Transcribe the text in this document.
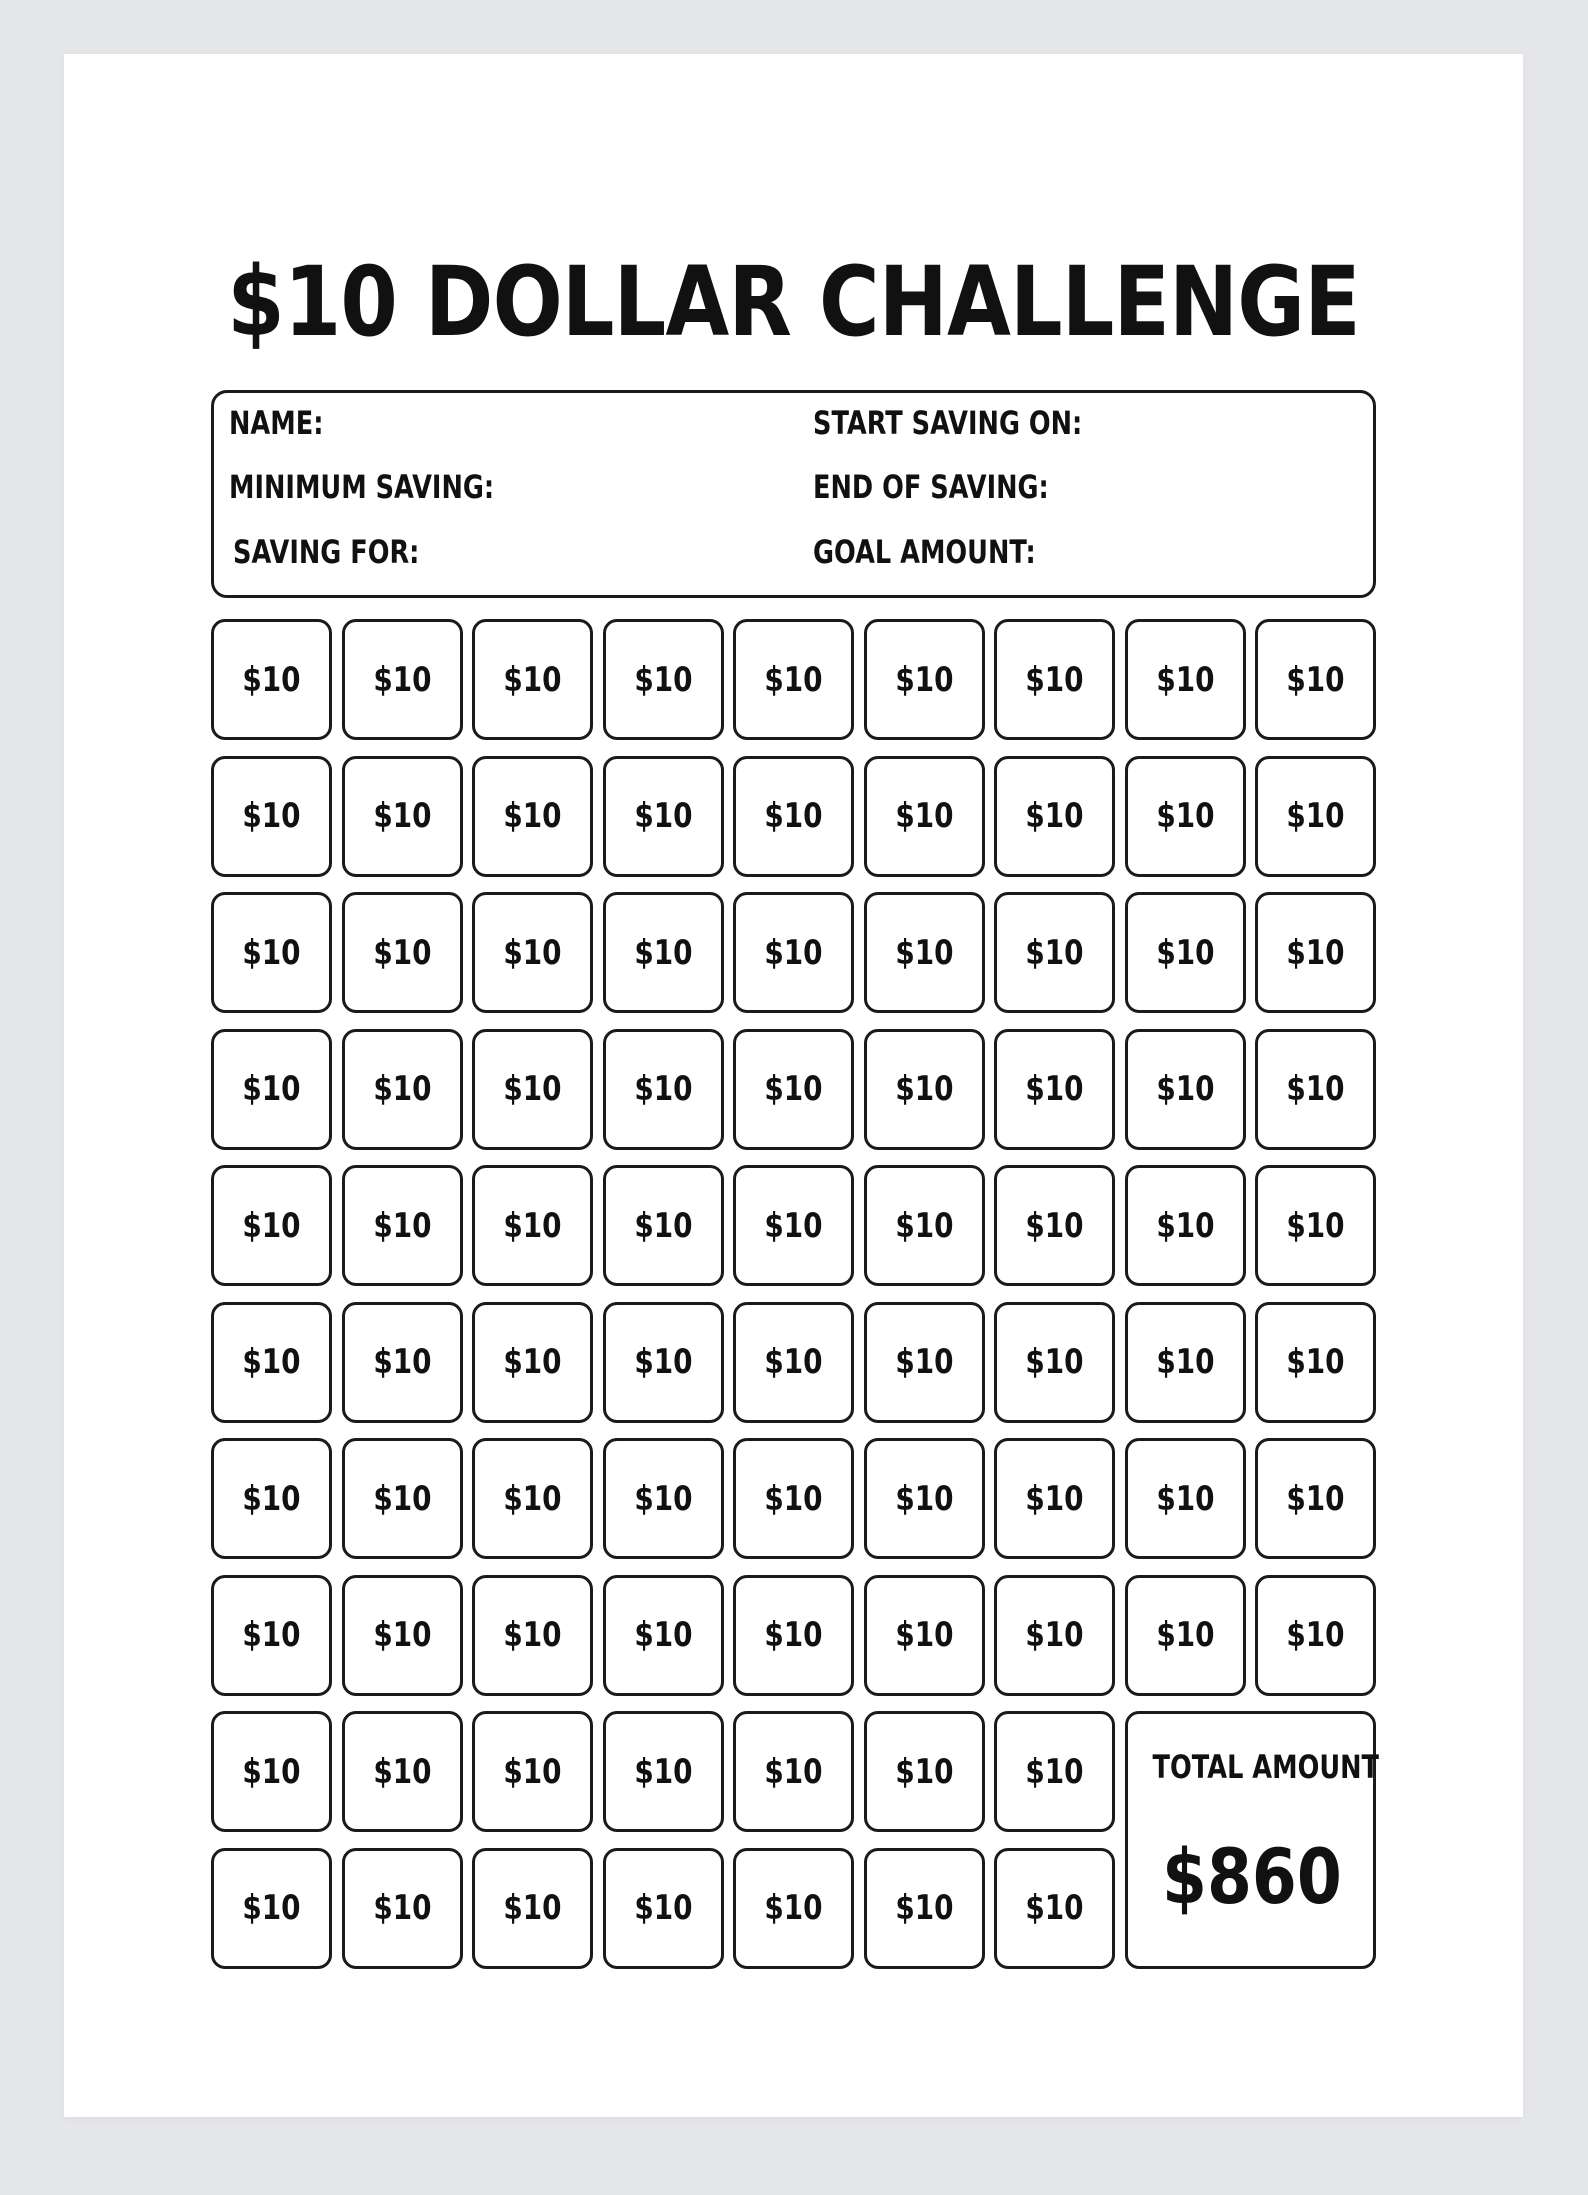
$10 DOLLAR CHALLENGE
NAME:
MINIMUM SAVING:
SAVING FOR:
START SAVING ON:
END OF SAVING:
GOAL AMOUNT:
$10 $10 $10 $10 $10 $10 $10 $10 $10
$10 $10 $10 $10 $10 $10 $10 $10 $10
$10 $10 $10 $10 $10 $10 $10 $10 $10
$10 $10 $10 $10 $10 $10 $10 $10 $10
$10 $10 $10 $10 $10 $10 $10 $10 $10
$10 $10 $10 $10 $10 $10 $10 $10 $10
$10 $10 $10 $10 $10 $10 $10 $10 $10
$10 $10 $10 $10 $10 $10 $10 $10 $10
$10 $10 $10 $10 $10 $10 $10
$10 $10 $10 $10 $10 $10 $10
TOTAL AMOUNT
$860
